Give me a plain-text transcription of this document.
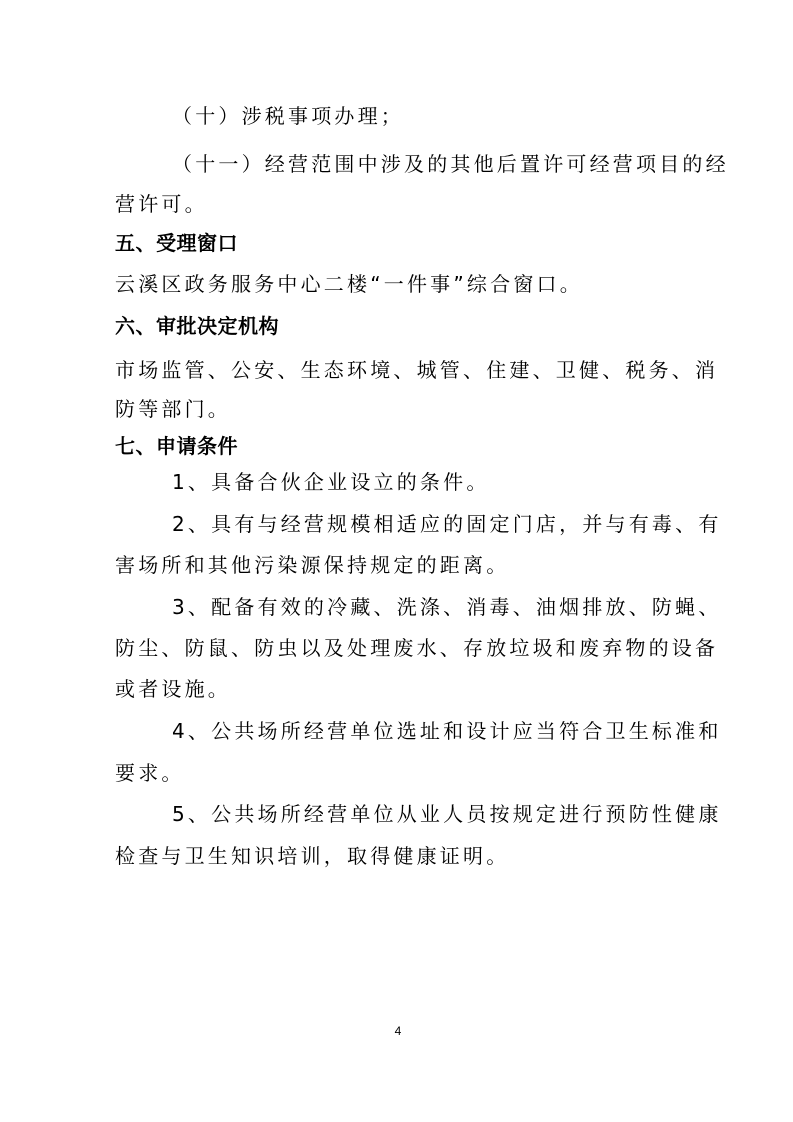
（十）涉税事项办理；
（十一）经营范围中涉及的其他后置许可经营项目的经
营许可。
五、受理窗口
云溪区政务服务中心二楼“一件事”综合窗口。
六、审批决定机构
市场监管、公安、生态环境、城管、住建、卫健、税务、消
防等部门。
七、申请条件
1、具备合伙企业设立的条件。
2、具有与经营规模相适应的固定门店，并与有毒、有
害场所和其他污染源保持规定的距离。
3、配备有效的冷藏、洗涤、消毒、油烟排放、防蝇、
防尘、防鼠、防虫以及处理废水、存放垃圾和废弃物的设备
或者设施。
4、公共场所经营单位选址和设计应当符合卫生标准和
要求。
5、公共场所经营单位从业人员按规定进行预防性健康
检查与卫生知识培训，取得健康证明。
4
